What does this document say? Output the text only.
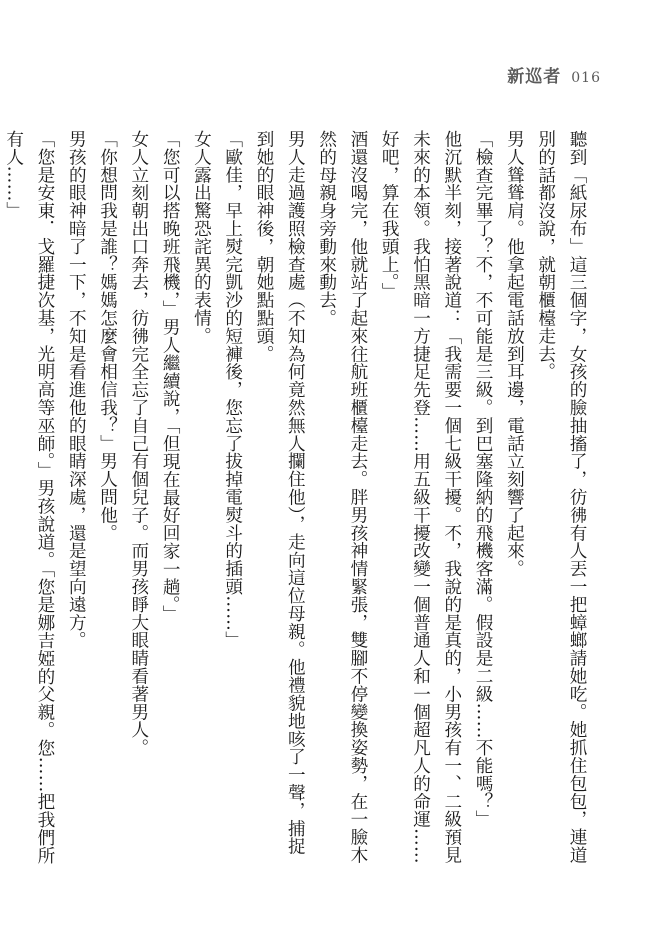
新巡者 016

聽到「紙尿布」這三個字，女孩的臉抽搐了，彷彿有人丟一把蟑螂請她吃。她抓住包包，連道別的話都沒說，就朝櫃檯走去。

男人聳聳肩。他拿起電話放到耳邊，電話立刻響了起來。

「檢查完畢了？不，不可能是三級。到巴塞隆納的飛機客滿。假設是二級……不能嗎？」

他沉默半刻，接著說道：「我需要一個七級干擾。不，我說的是真的，小男孩有一、二級預見未來的本領。我怕黑暗一方捷足先登……用五級干擾改變一個普通人和一個超凡人的命運……好吧，算在我頭上。」

酒還沒喝完，他就站了起來往航班櫃檯走去。胖男孩神情緊張，雙腳不停變換姿勢，在一臉木然的母親身旁動來動去。

男人走過護照檢查處（不知為何竟然無人攔住他），走向這位母親。他禮貌地咳了一聲，捕捉到她的眼神後，朝她點點頭。

「歐佳，早上熨完凱沙的短褲後，您忘了拔掉電熨斗的插頭……」

女人露出驚恐詫異的表情。

「您可以搭晚班飛機，」男人繼續說，「但現在最好回家一趟。」

女人立刻朝出口奔去，彷彿完全忘了自己有個兒子。而男孩睜大眼睛看著男人。

「你想問我是誰？媽媽怎麼會相信我？」男人問他。

男孩的眼神暗了一下，不知是看進他的眼睛深處，還是望向遠方。

「您是安東．戈羅捷次基，光明高等巫師。」男孩說道。「您是娜吉婭的父親。您……把我們所有人……」
